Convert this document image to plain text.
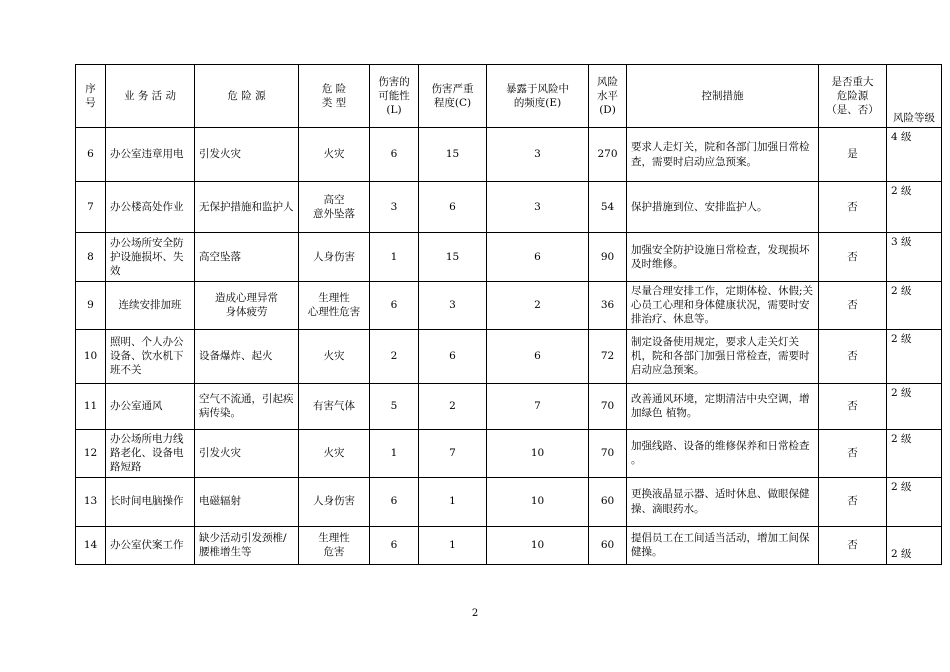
序
号	业 务 活 动	危 险 源	危 险
类 型	伤害的
可能性
(L)	伤害严重
程度(C)	暴露于风险中
的频度(E)	风险
水平
(D)	控制措施	是否重大
危险源
（是、否）	风险等级
6	办公室违章用电	引发火灾	火灾	6	15	3	270	要求人走灯关，院和各部门加强日常检查，需要时启动应急预案。	是	4 级
7	办公楼高处作业	无保护措施和监护人	高空
意外坠落	3	6	3	54	保护措施到位、安排监护人。	否	2 级
8	办公场所安全防护设施损坏、失效	高空坠落	人身伤害	1	15	6	90	加强安全防护设施日常检查，发现损坏及时维修。	否	3 级
9	连续安排加班	造成心理异常
身体疲劳	生理性
心理性危害	6	3	2	36	尽量合理安排工作，定期体检、休假;关心员工心理和身体健康状况，需要时安排治疗、休息等。	否	2 级
10	照明、个人办公设备、饮水机下班不关	设备爆炸、起火	火灾	2	6	6	72	制定设备使用规定，要求人走关灯关机，院和各部门加强日常检查，需要时启动应急预案。	否	2 级
11	办公室通风	空气不流通，引起疾病传染。	有害气体	5	2	7	70	改善通风环境，定期清洁中央空调，增加绿色 植物。	否	2 级
12	办公场所电力线路老化、设备电路短路	引发火灾	火灾	1	7	10	70	加强线路、设备的维修保养和日常检查 。	否	2 级
13	长时间电脑操作	电磁辐射	人身伤害	6	1	10	60	更换液晶显示器、适时休息、做眼保健操、滴眼药水。	否	2 级
14	办公室伏案工作	缺少活动引发颈椎/腰椎增生等	生理性
危害	6	1	10	60	提倡员工在工间适当活动，增加工间保健操。	否	2 级
2
